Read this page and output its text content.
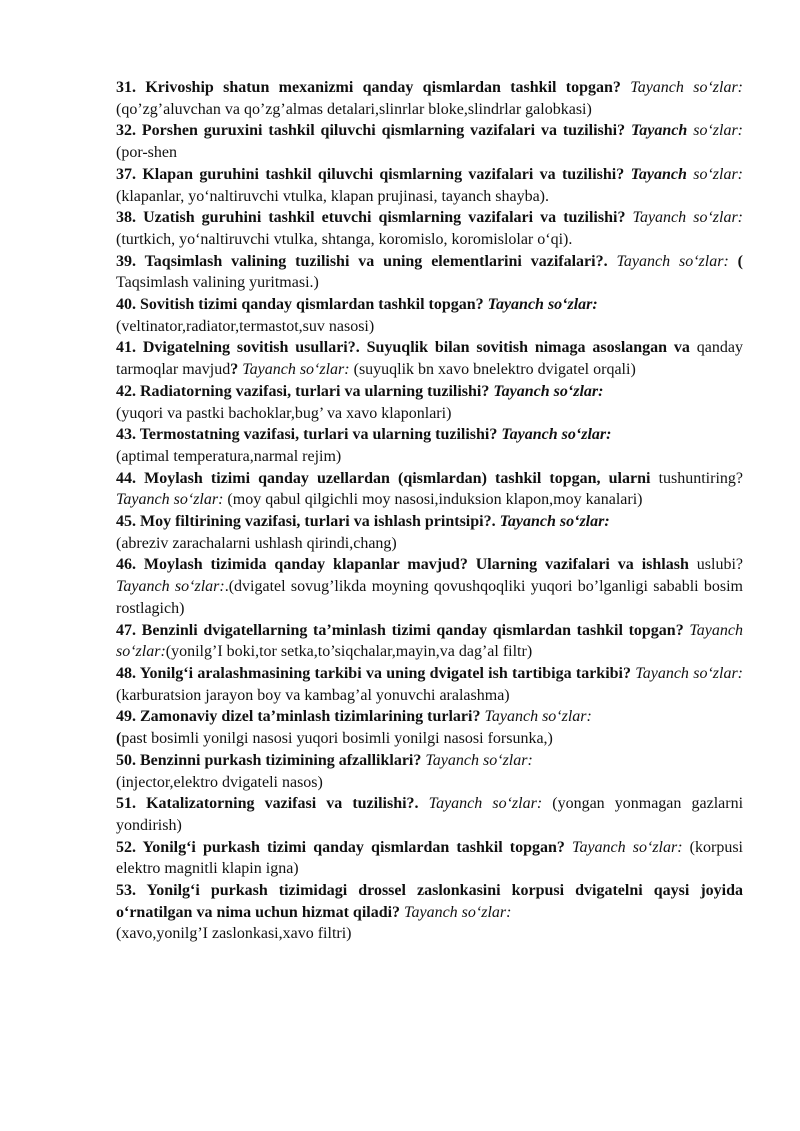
31. Krivoship shatun mexanizmi qanday qismlardan tashkil topgan? Tayanch so‘zlar: (qo’zg’aluvchan va qo’zg’almas detalari,slinrlar bloke,slindrlar galobkasi)

32. Porshen guruxini tashkil qiluvchi qismlarning vazifalari va tuzilishi? Tayanch so‘zlar: (por-shen

37. Klapan guruhini tashkil qiluvchi qismlarning vazifalari va tuzilishi? Tayanch so‘zlar: (klapanlar, yo‘naltiruvchi vtulka, klapan prujinasi, tayanch shayba).

38. Uzatish guruhini tashkil etuvchi qismlarning vazifalari va tuzilishi? Tayanch so‘zlar: (turtkich, yo‘naltiruvchi vtulka, shtanga, koromislo, koromislolar o‘qi).

39. Taqsimlash valining tuzilishi va uning elementlarini vazifalari?. Tayanch so‘zlar: ( Taqsimlash valining yuritmasi.)

40. Sovitish tizimi qanday qismlardan tashkil topgan? Tayanch so‘zlar:
(veltinator,radiator,termastot,suv nasosi)

41. Dvigatelning sovitish usullari?. Suyuqlik bilan sovitish nimaga asoslangan va qanday tarmoqlar mavjud? Tayanch so‘zlar: (suyuqlik bn xavo bnelektro dvigatel orqali)

42. Radiatorning vazifasi, turlari va ularning tuzilishi? Tayanch so‘zlar:
(yuqori va pastki bachoklar,bug’ va xavo klaponlari)

43. Termostatning vazifasi, turlari va ularning tuzilishi? Tayanch so‘zlar:
(aptimal temperatura,narmal rejim)

44. Moylash tizimi qanday uzellardan (qismlardan) tashkil topgan, ularni tushuntiring? Tayanch so‘zlar: (moy qabul qilgichli moy nasosi,induksion klapon,moy kanalari)

45. Moy filtirining vazifasi, turlari va ishlash printsipi?. Tayanch so‘zlar:
(abreziv zarachalarni ushlash qirindi,chang)

46. Moylash tizimida qanday klapanlar mavjud? Ularning vazifalari va ishlash uslubi? Tayanch so‘zlar:.(dvigatel sovug’likda moyning qovushqoqliki yuqori bo’lganligi sababli bosim rostlagich)

47. Benzinli dvigatellarning ta’minlash tizimi qanday qismlardan tashkil topgan? Tayanch so‘zlar:(yonilg’I boki,tor setka,to’siqchalar,mayin,va dag’al filtr)

48. Yonilg‘i aralashmasining tarkibi va uning dvigatel ish tartibiga tarkibi? Tayanch so‘zlar: (karburatsion jarayon boy va kambag’al yonuvchi aralashma)

49. Zamonaviy dizel ta’minlash tizimlarining turlari? Tayanch so‘zlar:
(past bosimli yonilgi nasosi yuqori bosimli yonilgi nasosi forsunka,)

50. Benzinni purkash tizimining afzalliklari? Tayanch so‘zlar:
(injector,elektro dvigateli nasos)

51. Katalizatorning vazifasi va tuzilishi?. Tayanch so‘zlar: (yongan yonmagan gazlarni yondirish)

52. Yonilg‘i purkash tizimi qanday qismlardan tashkil topgan? Tayanch so‘zlar: (korpusi elektro magnitli klapin igna)

53. Yonilg‘i purkash tizimidagi drossel zaslonkasini korpusi dvigatelni qaysi joyida o‘rnatilgan va nima uchun hizmat qiladi? Tayanch so‘zlar:
(xavo,yonilg’I zaslonkasi,xavo filtri)
